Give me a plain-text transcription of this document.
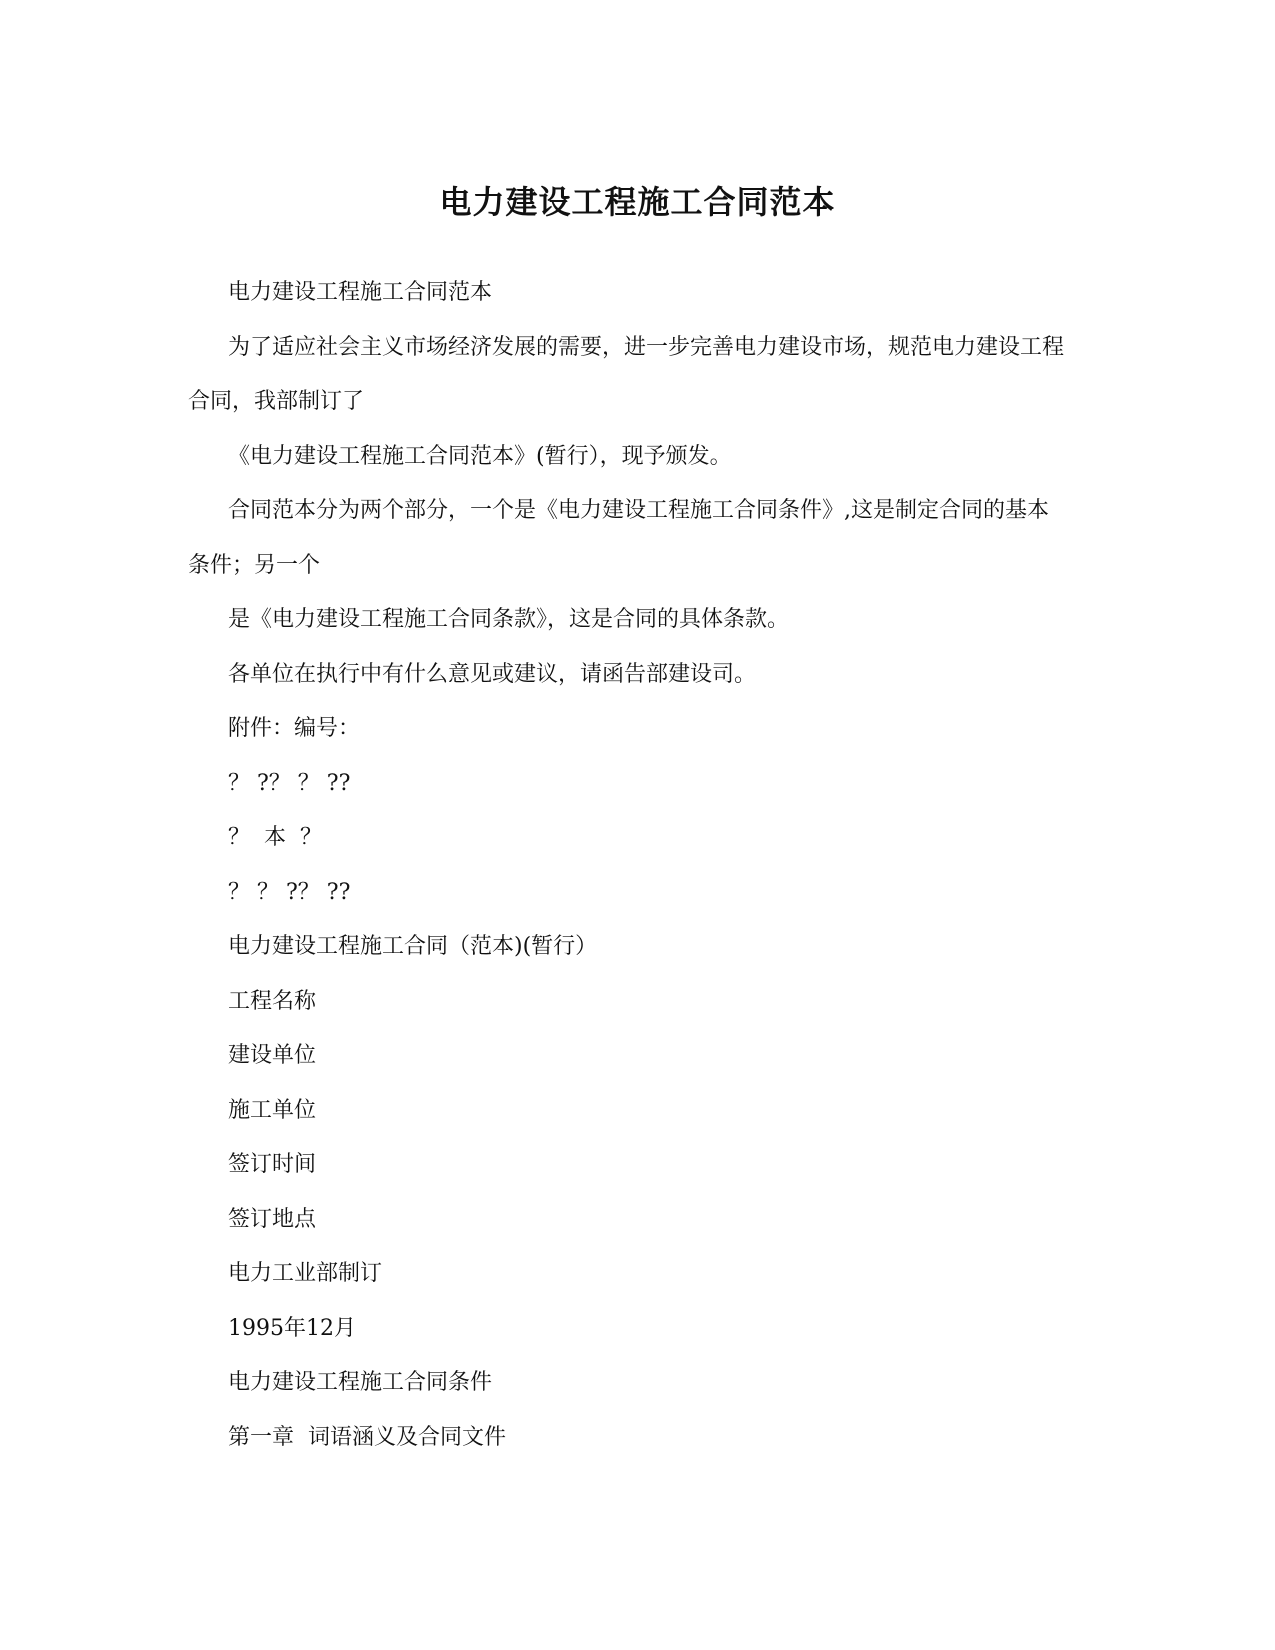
电力建设工程施工合同范本

电力建设工程施工合同范本

为了适应社会主义市场经济发展的需要，进一步完善电力建设市场，规范电力建设工程合同，我部制订了

《电力建设工程施工合同范本》(暂行），现予颁发。

合同范本分为两个部分，一个是《电力建设工程施工合同条件》,这是制定合同的基本条件；另一个

是《电力建设工程施工合同条款》，这是合同的具体条款。

各单位在执行中有什么意见或建议，请函告部建设司。

附件：编号：

？ ?？ ？ ??

？  本  ？

？ ？ ?？ ??

电力建设工程施工合同（范本)(暂行）

工程名称

建设单位

施工单位

签订时间

签订地点

电力工业部制订

1995年12月

电力建设工程施工合同条件

第一章  词语涵义及合同文件
